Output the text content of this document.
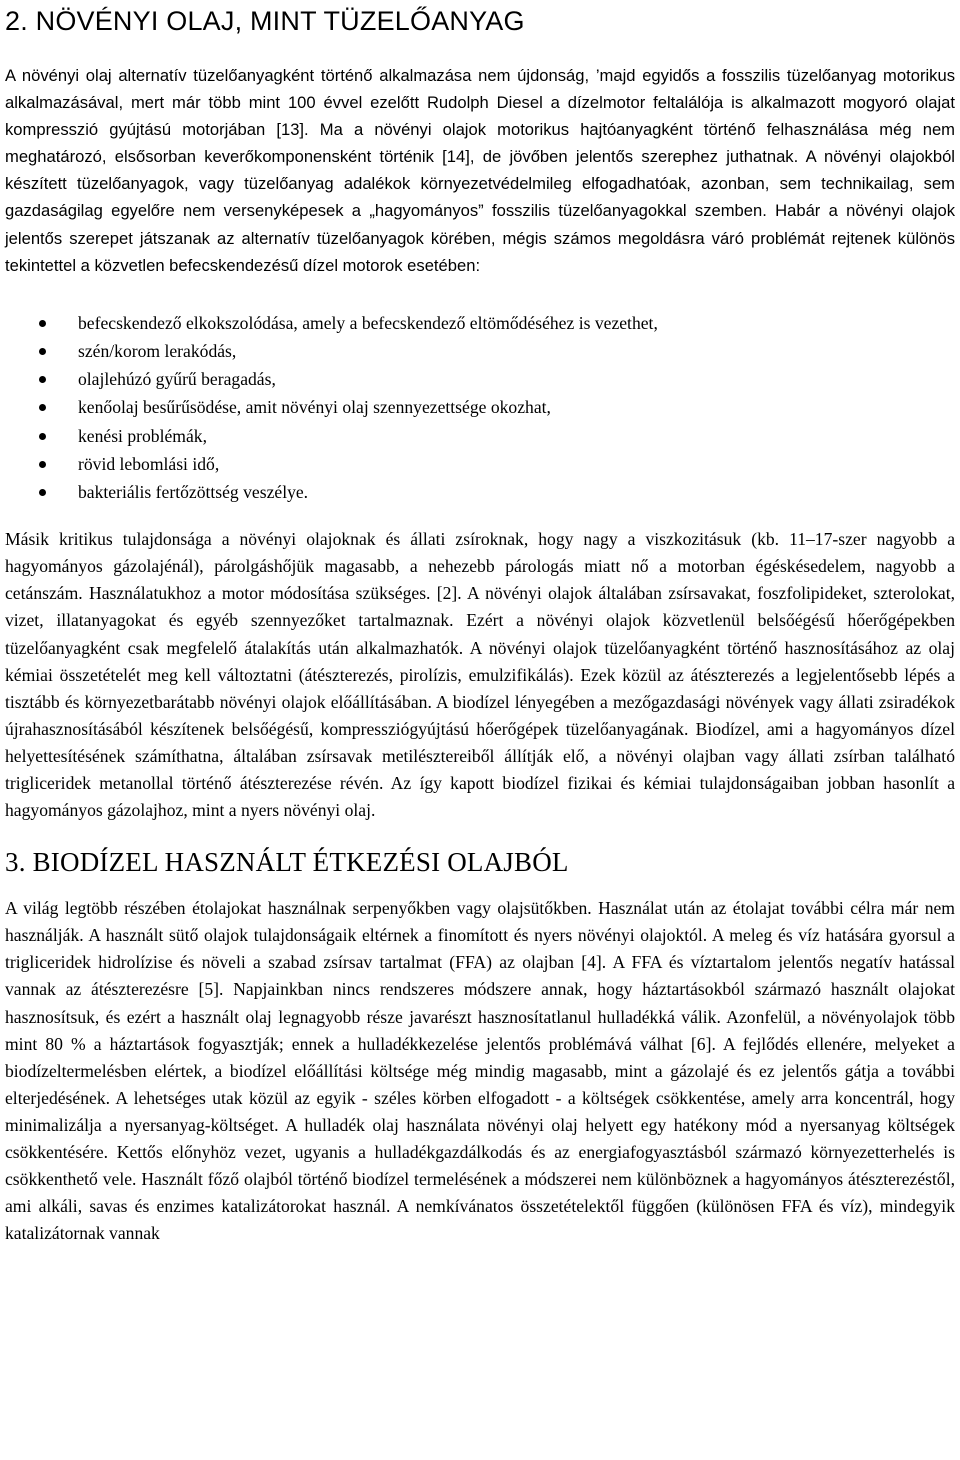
2. NÖVÉNYI OLAJ, MINT TÜZELŐANYAG

A növényi olaj alternatív tüzelőanyagként történő alkalmazása nem újdonság, ’majd egyidős a fosszilis tüzelőanyag motorikus alkalmazásával, mert már több mint 100 évvel ezelőtt Rudolph Diesel a dízelmotor feltalálója is alkalmazott mogyoró olajat kompresszió gyújtású motorjában [13]. Ma a növényi olajok motorikus hajtóanyagként történő felhasználása még nem meghatározó, elsősorban keverőkomponensként történik [14], de jövőben jelentős szerephez juthatnak. A növényi olajokból készített tüzelőanyagok, vagy tüzelőanyag adalékok környezetvédelmileg elfogadhatóak, azonban, sem technikailag, sem gazdaságilag egyelőre nem versenyképesek a „hagyományos” fosszilis tüzelőanyagokkal szemben. Habár a növényi olajok jelentős szerepet játszanak az alternatív tüzelőanyagok körében, mégis számos megoldásra váró problémát rejtenek különös tekintettel a közvetlen befecskendezésű dízel motorok esetében:

befecskendező elkokszolódása, amely a befecskendező eltömődéséhez is vezethet,
szén/korom lerakódás,
olajlehúzó gyűrű beragadás,
kenőolaj besűrűsödése, amit növényi olaj szennyezettsége okozhat,
kenési problémák,
rövid lebomlási idő,
bakteriális fertőzöttség veszélye.

Másik kritikus tulajdonsága a növényi olajoknak és állati zsíroknak, hogy nagy a viszkozitásuk (kb. 11‒17-szer nagyobb a hagyományos gázolajénál), párolgáshőjük magasabb, a nehezebb párologás miatt nő a motorban égéskésedelem, nagyobb a cetánszám. Használatukhoz a motor módosítása szükséges. [2]. A növényi olajok általában zsírsavakat, foszfolipideket, szterolokat, vizet, illatanyagokat és egyéb szennyezőket tartalmaznak. Ezért a növényi olajok közvetlenül belsőégésű hőerőgépekben tüzelőanyagként csak megfelelő átalakítás után alkalmazhatók. A növényi olajok tüzelőanyagként történő hasznosításához az olaj kémiai összetételét meg kell változtatni (átészterezés, pirolízis, emulzifikálás). Ezek közül az átészterezés a legjelentősebb lépés a tisztább és környezetbarátabb növényi olajok előállításában. A biodízel lényegében a mezőgazdasági növények vagy állati zsiradékok újrahasznosításából készítenek belsőégésű, kompressziógyújtású hőerőgépek tüzelőanyagának. Biodízel, ami a hagyományos dízel helyettesítésének számíthatna, általában zsírsavak metilésztereiből állítják elő, a növényi olajban vagy állati zsírban található trigliceridek metanollal történő átészterezése révén. Az így kapott biodízel fizikai és kémiai tulajdonságaiban jobban hasonlít a hagyományos gázolajhoz, mint a nyers növényi olaj.

3. BIODÍZEL HASZNÁLT ÉTKEZÉSI OLAJBÓL

A világ legtöbb részében étolajokat használnak serpenyőkben vagy olajsütőkben. Használat után az étolajat további célra már nem használják. A használt sütő olajok tulajdonságaik eltérnek a finomított és nyers növényi olajoktól. A meleg és víz hatására gyorsul a trigliceridek hidrolízise és növeli a szabad zsírsav tartalmat (FFA) az olajban [4]. A FFA és víztartalom jelentős negatív hatással vannak az átészterezésre [5]. Napjainkban nincs rendszeres módszere annak, hogy háztartásokból származó használt olajokat hasznosítsuk, és ezért a használt olaj legnagyobb része javarészt hasznosítatlanul hulladékká válik. Azonfelül, a növényolajok több mint 80 % a háztartások fogyasztják; ennek a hulladékkezelése jelentős problémává válhat [6]. A fejlődés ellenére, melyeket a biodízeltermelésben elértek, a biodízel előállítási költsége még mindig magasabb, mint a gázolajé és ez jelentős gátja a további elterjedésének. A lehetséges utak közül az egyik - széles körben elfogadott - a költségek csökkentése, amely arra koncentrál, hogy minimalizálja a nyersanyag-költséget. A hulladék olaj használata növényi olaj helyett egy hatékony mód a nyersanyag költségek csökkentésére. Kettős előnyhöz vezet, ugyanis a hulladékgazdálkodás és az energiafogyasztásból származó környezetterhelés is csökkenthető vele. Használt főző olajból történő biodízel termelésének a módszerei nem különböznek a hagyományos átészterezéstől, ami alkáli, savas és enzimes katalizátorokat használ. A nemkívánatos összetételektől függően (különösen FFA és víz), mindegyik katalizátornak vannak
